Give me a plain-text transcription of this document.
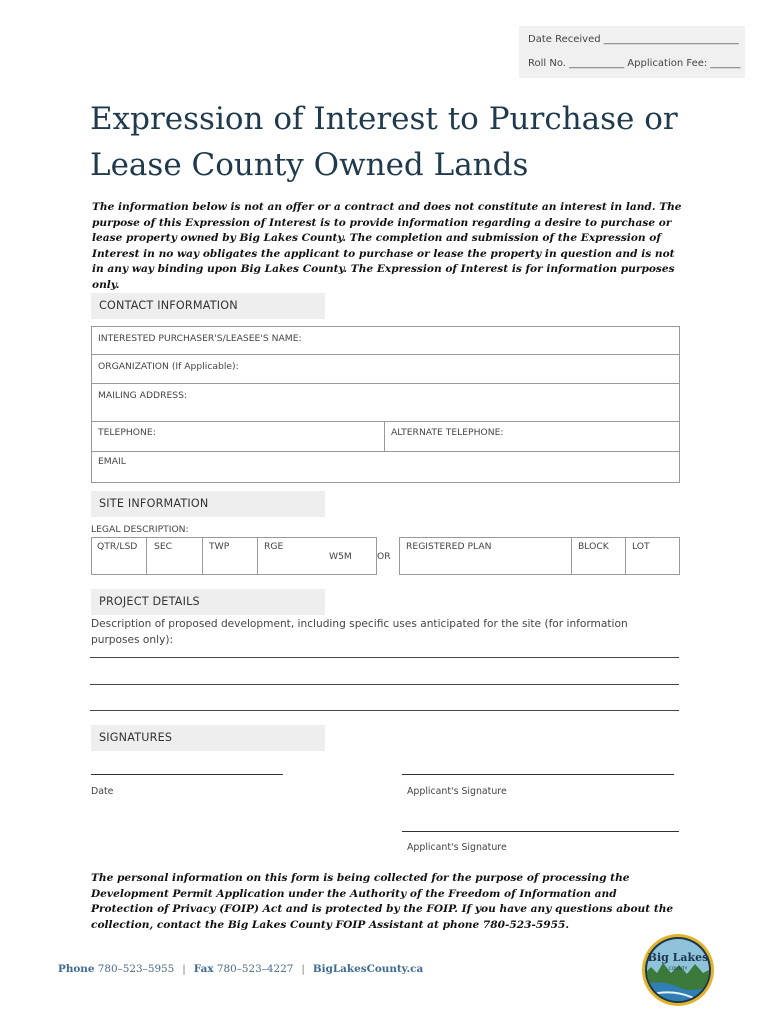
Date Received ___________________________
Roll No. ___________ Application Fee: ______
Expression of Interest to Purchase or Lease County Owned Lands
The information below is not an offer or a contract and does not constitute an interest in land. The purpose of this Expression of Interest is to provide information regarding a desire to purchase or lease property owned by Big Lakes County. The completion and submission of the Expression of Interest in no way obligates the applicant to purchase or lease the property in question and is not in any way binding upon Big Lakes County. The Expression of Interest is for information purposes only.
CONTACT INFORMATION
INTERESTED PURCHASER'S/LEASEE'S NAME:
ORGANIZATION (If Applicable):
MAILING ADDRESS:
TELEPHONE:	ALTERNATE TELEPHONE:
EMAIL
SITE INFORMATION
LEGAL DESCRIPTION:
QTR/LSD SEC	TWP	RGE
W5M	OR
REGISTERED PLAN	BLOCK	LOT
PROJECT DETAILS
Description of proposed development, including specific uses anticipated for the site (for information purposes only):
SIGNATURES
Date	Applicant's Signature
Applicant's Signature
The personal information on this form is being collected for the purpose of processing the Development Permit Application under the Authority of the Freedom of Information and Protection of Privacy (FOIP) Act and is protected by the FOIP. If you have any questions about the collection, contact the Big Lakes County FOIP Assistant at phone 780-523-5955.
Phone 780–523–5955 | Fax 780–523–4227 | BigLakesCounty.ca
Big Lakes
COUNTY
